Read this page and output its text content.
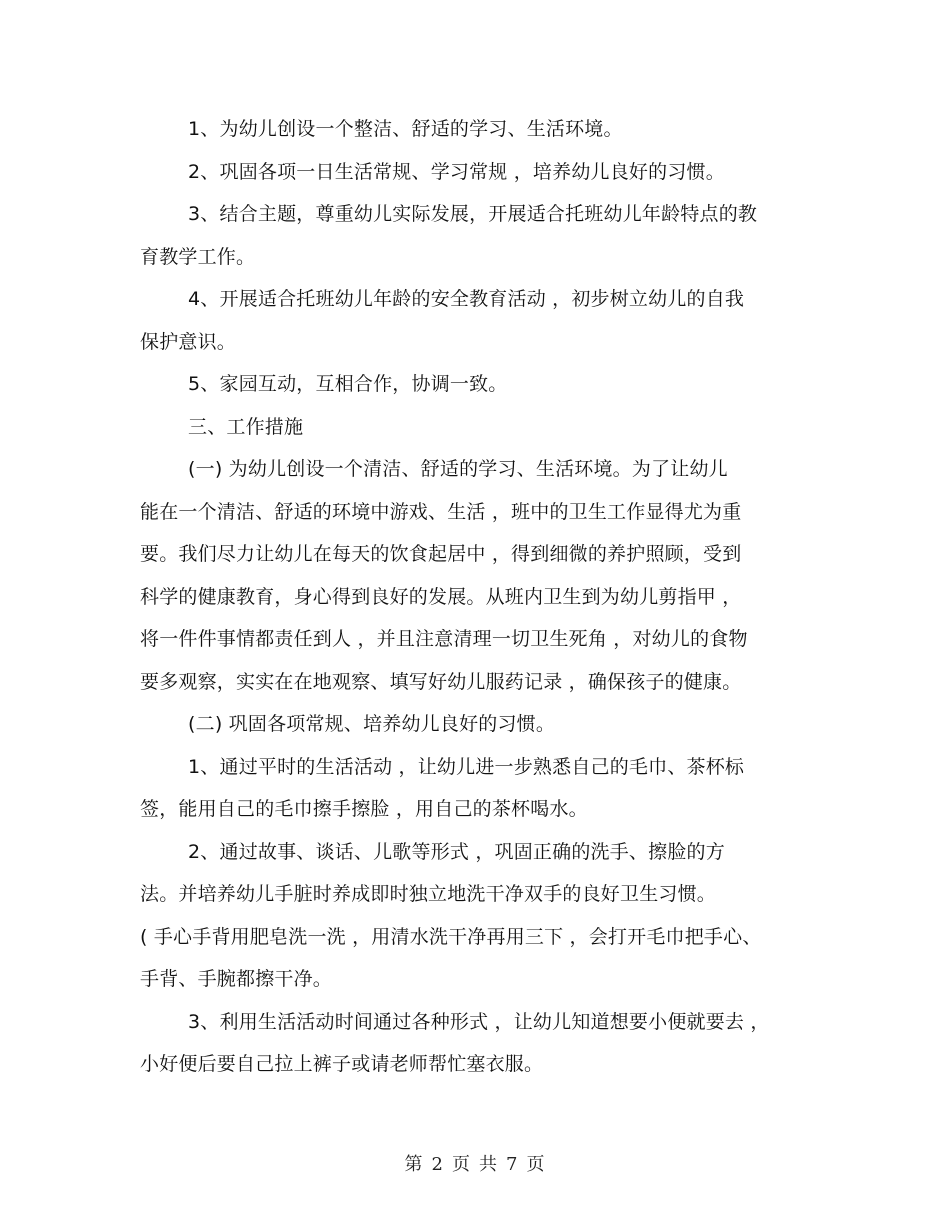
1、为幼儿创设一个整洁、舒适的学习、生活环境。
2、巩固各项一日生活常规、学习常规 ，培养幼儿良好的习惯。
3、结合主题，尊重幼儿实际发展，开展适合托班幼儿年龄特点的教
育教学工作。
4、开展适合托班幼儿年龄的安全教育活动 ，初步树立幼儿的自我
保护意识。
5、家园互动，互相合作，协调一致。
三、工作措施
(一) 为幼儿创设一个清洁、舒适的学习、生活环境。为了让幼儿
能在一个清洁、舒适的环境中游戏、生活 ，班中的卫生工作显得尤为重
要。我们尽力让幼儿在每天的饮食起居中 ，得到细微的养护照顾，受到
科学的健康教育，身心得到良好的发展。从班内卫生到为幼儿剪指甲 ，
将一件件事情都责任到人 ，并且注意清理一切卫生死角 ，对幼儿的食物
要多观察，实实在在地观察、填写好幼儿服药记录 ，确保孩子的健康。
(二) 巩固各项常规、培养幼儿良好的习惯。
1、通过平时的生活活动 ，让幼儿进一步熟悉自己的毛巾、茶杯标
签，能用自己的毛巾擦手擦脸 ，用自己的茶杯喝水。
2、通过故事、谈话、儿歌等形式 ，巩固正确的洗手、擦脸的方
法。并培养幼儿手脏时养成即时独立地洗干净双手的良好卫生习惯。
( 手心手背用肥皂洗一洗 ，用清水洗干净再用三下 ，会打开毛巾把手心、
手背、手腕都擦干净。
3、利用生活活动时间通过各种形式 ，让幼儿知道想要小便就要去 ，
小好便后要自己拉上裤子或请老师帮忙塞衣服。
第 2 页 共 7 页
